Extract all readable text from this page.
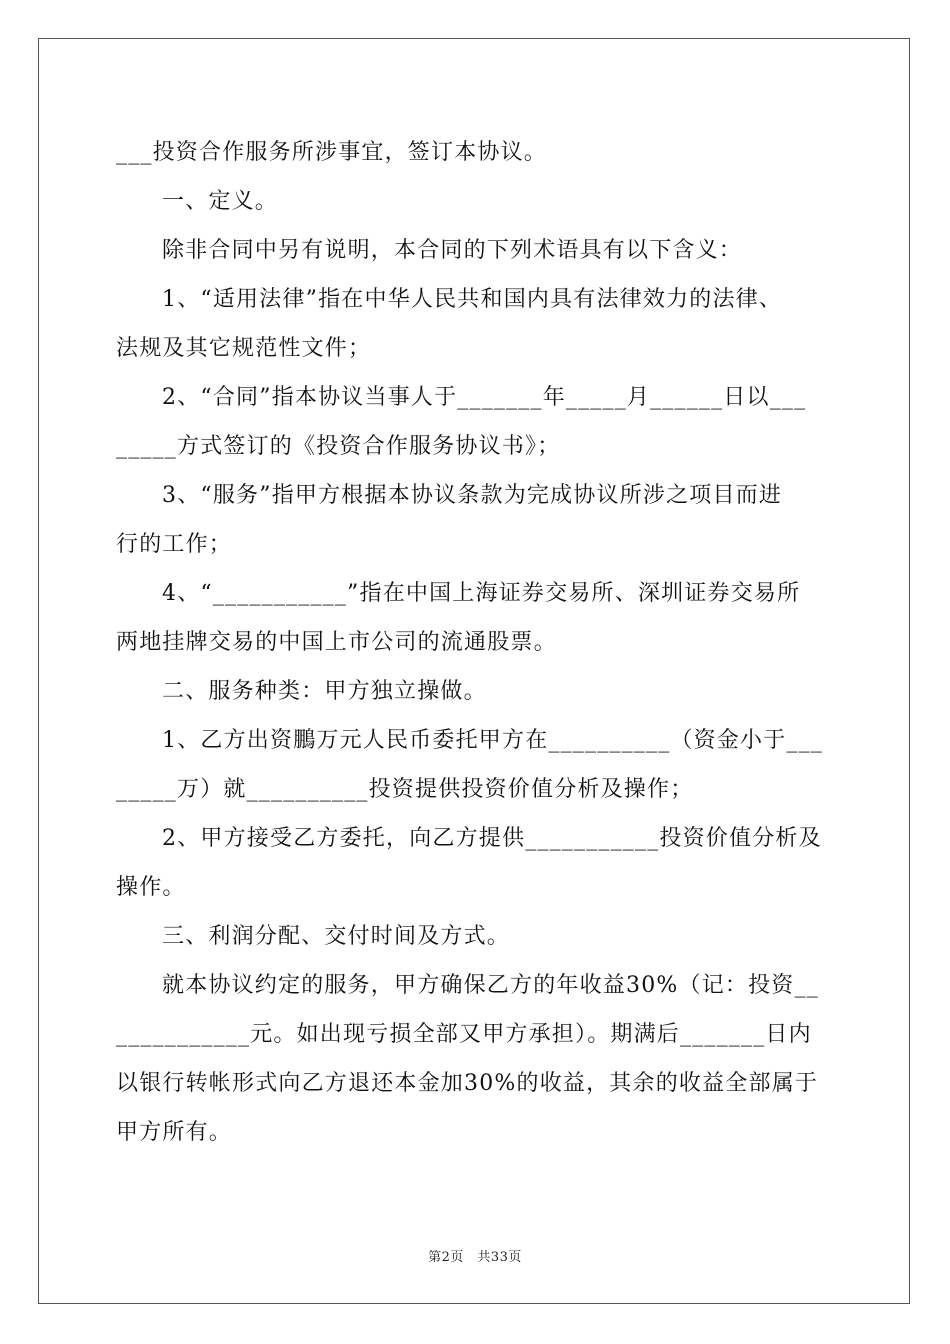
___投资合作服务所涉事宜，签订本协议。
一、定义。
除非合同中另有说明，本合同的下列术语具有以下含义：
1、“适用法律”指在中华人民共和国内具有法律效力的法律、
法规及其它规范性文件；
2、“合同”指本协议当事人于_______年_____月______日以___
_____方式签订的《投资合作服务协议书》；
3、“服务”指甲方根据本协议条款为完成协议所涉之项目而进
行的工作；
4、“___________”指在中国上海证券交易所、深圳证券交易所
两地挂牌交易的中国上市公司的流通股票。
二、服务种类：甲方独立操做。
1、乙方出资鵬万元人民币委托甲方在__________（资金小于___
_____万）就__________投资提供投资价值分析及操作；
2、甲方接受乙方委托，向乙方提供___________投资价值分析及
操作。
三、利润分配、交付时间及方式。
就本协议约定的服务，甲方确保乙方的年收益30%（记：投资__
___________元。如出现亏损全部又甲方承担）。期满后_______日内
以银行转帐形式向乙方退还本金加30%的收益，其余的收益全部属于
甲方所有。
第2页　共33页
